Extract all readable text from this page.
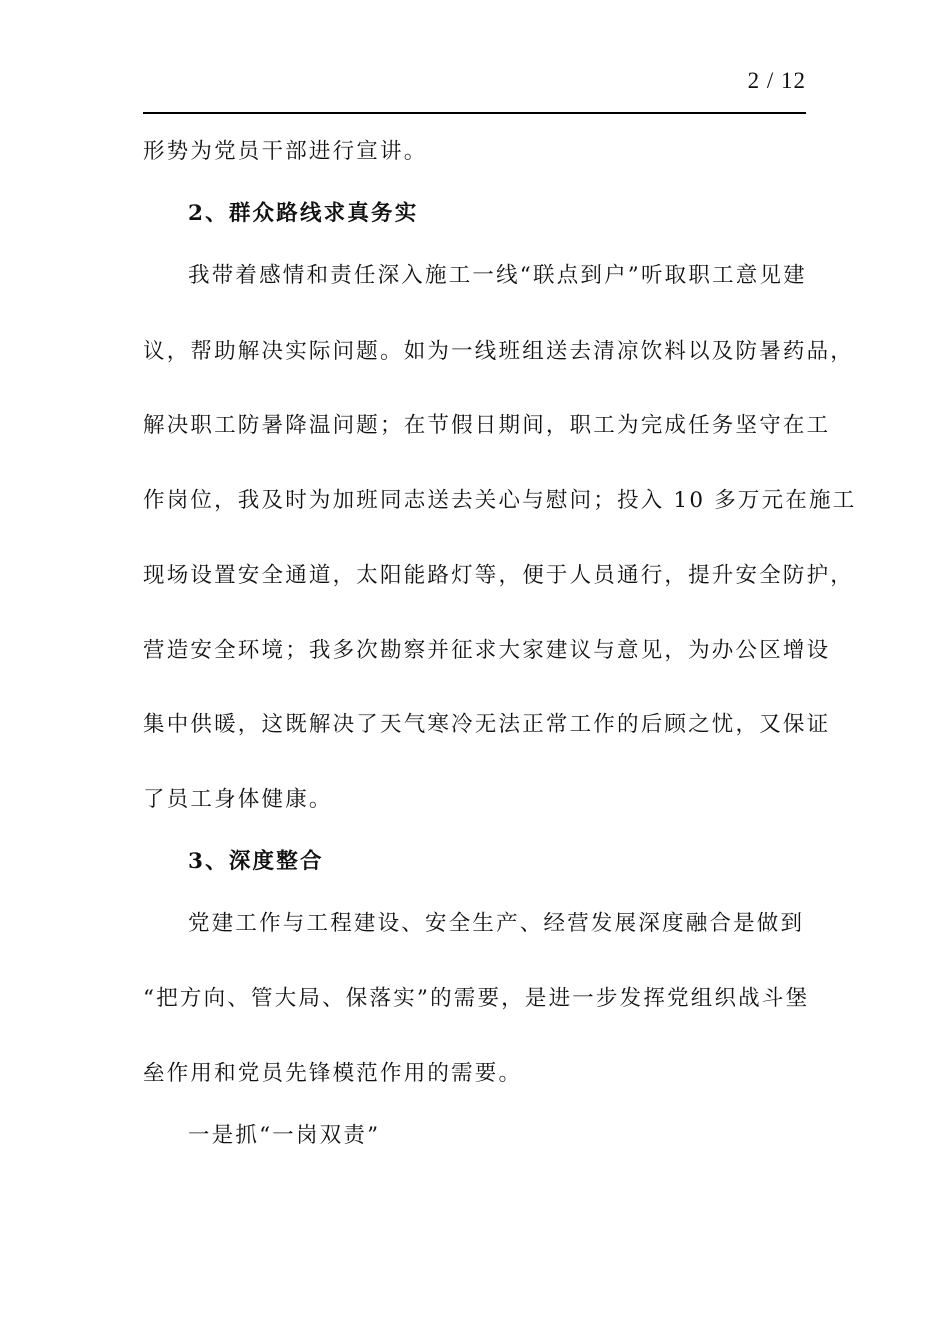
2 / 12
形势为党员干部进行宣讲。
2、群众路线求真务实
我带着感情和责任深入施工一线“联点到户”听取职工意见建
议，帮助解决实际问题。如为一线班组送去清凉饮料以及防暑药品，
解决职工防暑降温问题；在节假日期间，职工为完成任务坚守在工
作岗位，我及时为加班同志送去关心与慰问；投入 10 多万元在施工
现场设置安全通道，太阳能路灯等，便于人员通行，提升安全防护，
营造安全环境；我多次勘察并征求大家建议与意见，为办公区增设
集中供暖，这既解决了天气寒冷无法正常工作的后顾之忧，又保证
了员工身体健康。
3、深度整合
党建工作与工程建设、安全生产、经营发展深度融合是做到
“把方向、管大局、保落实”的需要，是进一步发挥党组织战斗堡
垒作用和党员先锋模范作用的需要。
一是抓“一岗双责”
